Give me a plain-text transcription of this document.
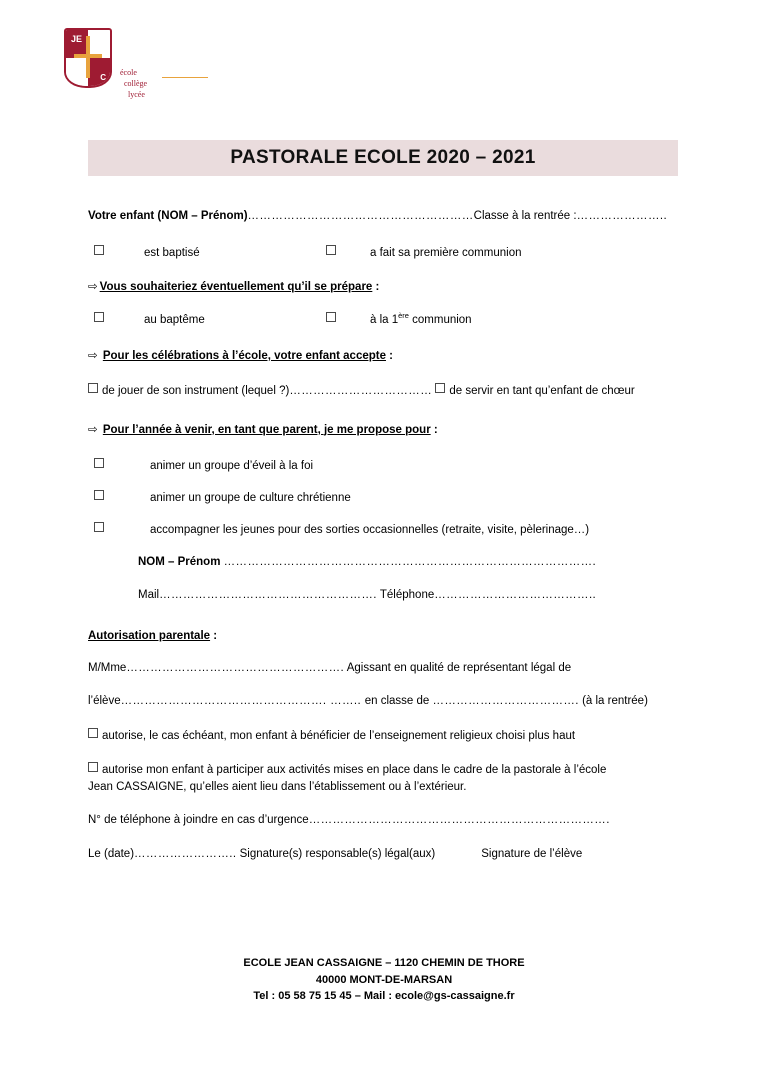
JE
C
école
collège
lycée
PASTORALE ECOLE 2020 – 2021
Votre enfant (NOM – Prénom)…………………………………………………Classe à la rentrée :…………………..
est baptisé	a fait sa première communion
⇨ Vous souhaiteriez éventuellement qu’il se prépare :
au baptême	à la 1ère communion
⇨ Pour les célébrations à l’école, votre enfant accepte :
de jouer de son instrument (lequel ?)……………………………… de servir en tant qu’enfant de chœur
⇨ Pour l’année à venir, en tant que parent, je me propose pour :
animer un groupe d’éveil à la foi
animer un groupe de culture chrétienne
accompagner les jeunes pour des sorties occasionnelles (retraite, visite, pèlerinage…)
NOM – Prénom ………………………………………………………………………………….
Mail………………………………………………. Téléphone…………………………………..
Autorisation parentale :
M/Mme………………………………………………. Agissant en qualité de représentant légal de
l’élève……………………………………………. …….. en classe de ………………………………. (à la rentrée)
autorise, le cas échéant, mon enfant à bénéficier de l’enseignement religieux choisi plus haut
autorise mon enfant à participer aux activités mises en place dans le cadre de la pastorale à l’école
Jean CASSAIGNE, qu’elles aient lieu dans l’établissement ou à l’extérieur.
N° de téléphone à joindre en cas d’urgence………………………………………………………………….
Le (date)…………………….. Signature(s) responsable(s) légal(aux)	Signature de l’élève
ECOLE JEAN CASSAIGNE – 1120 CHEMIN DE THORE
40000 MONT-DE-MARSAN
Tel : 05 58 75 15 45 – Mail : ecole@gs-cassaigne.fr
